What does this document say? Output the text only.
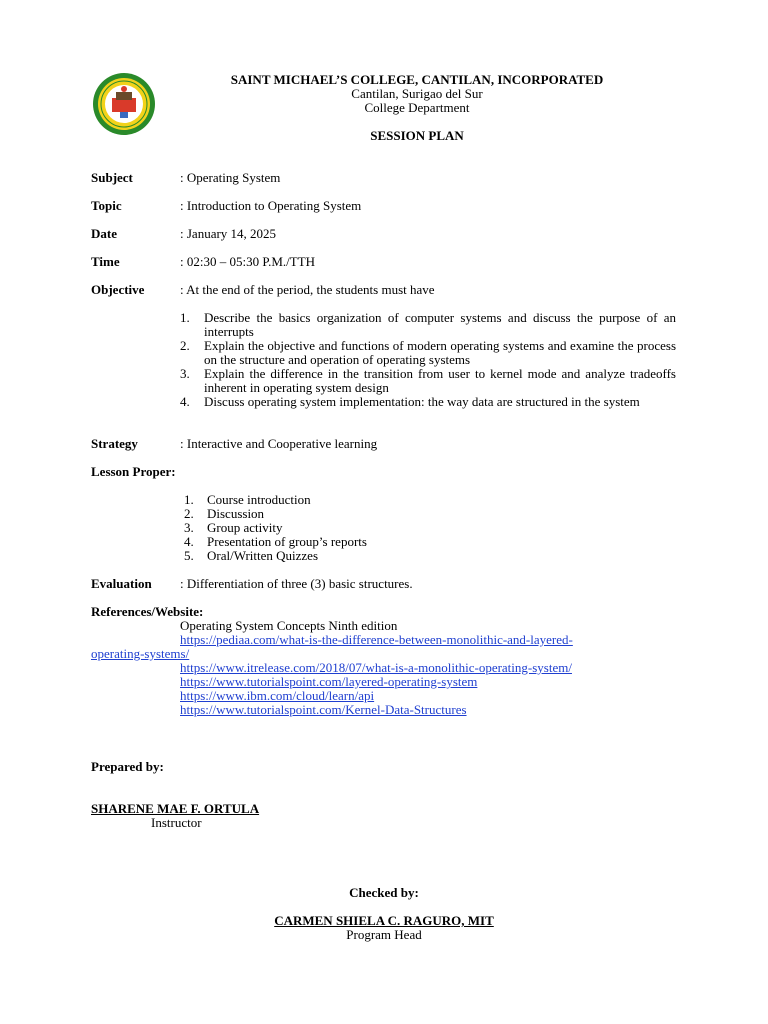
SAINT MICHAEL’S COLLEGE, CANTILAN, INCORPORATED
Cantilan, Surigao del Sur
College Department
SESSION PLAN
Subject	: Operating System
Topic	: Introduction to Operating System
Date	: January 14, 2025
Time	: 02:30 – 05:30 P.M./TTH
Objective	: At the end of the period, the students must have
1. Describe the basics organization of computer systems and discuss the purpose of an interrupts
2. Explain the objective and functions of modern operating systems and examine the process on the structure and operation of operating systems
3. Explain the difference in the transition from user to kernel mode and analyze tradeoffs inherent in operating system design
4. Discuss operating system implementation: the way data are structured in the system
Strategy	: Interactive and Cooperative learning
Lesson Proper:
1. Course introduction
2. Discussion
3. Group activity
4. Presentation of group’s reports
5. Oral/Written Quizzes
Evaluation : Differentiation of three (3) basic structures.
References/Website:
Operating System Concepts Ninth edition
https://pediaa.com/what-is-the-difference-between-monolithic-and-layered-
operating-systems/
https://www.itrelease.com/2018/07/what-is-a-monolithic-operating-system/
https://www.tutorialspoint.com/layered-operating-system
https://www.ibm.com/cloud/learn/api
https://www.tutorialspoint.com/Kernel-Data-Structures
Prepared by:
SHARENE MAE F. ORTULA
Instructor
Checked by:
CARMEN SHIELA C. RAGURO, MIT
Program Head
